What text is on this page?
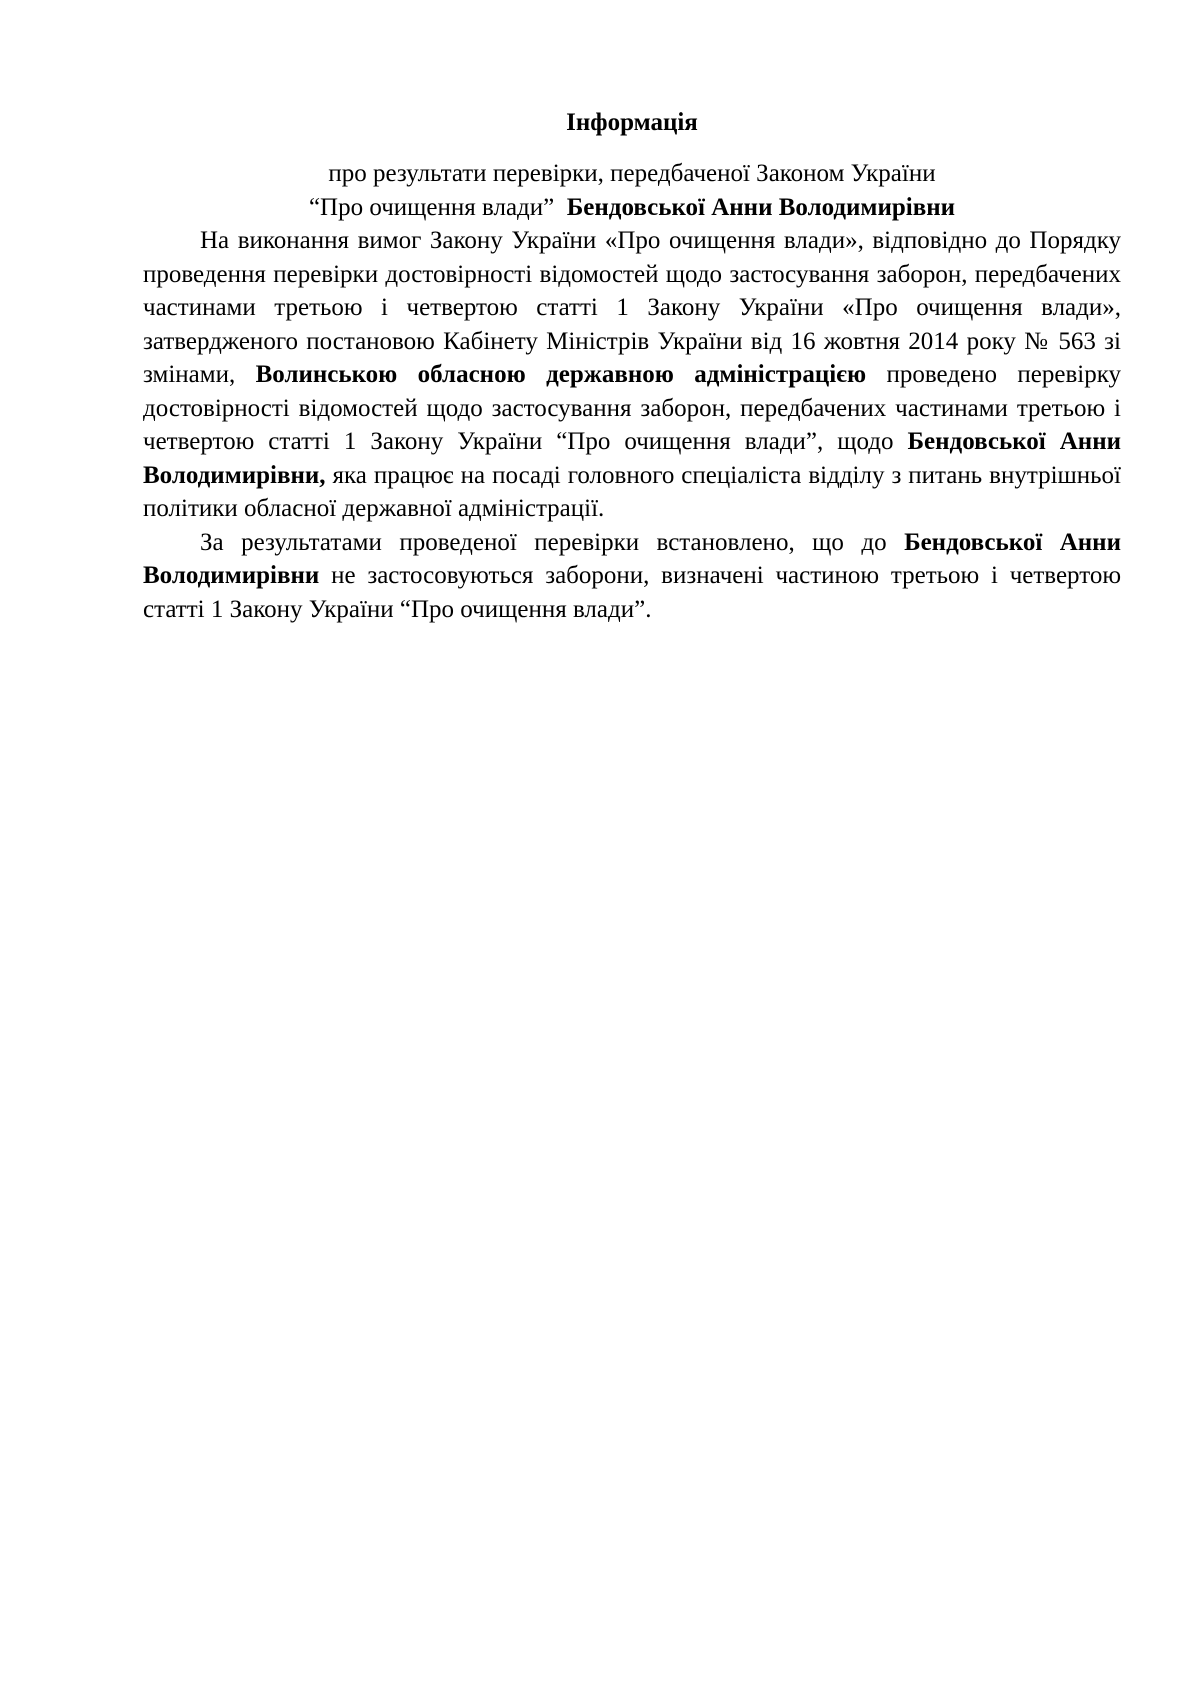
Інформація
про результати перевірки, передбаченої Законом України
“Про очищення влади”  Бендовської Анни Володимирівни

На виконання вимог Закону України «Про очищення влади», відповідно до Порядку проведення перевірки достовірності відомостей щодо застосування заборон, передбачених частинами третьою і четвертою статті 1 Закону України «Про очищення влади», затвердженого постановою Кабінету Міністрів України від 16 жовтня 2014 року № 563 зі змінами, Волинською обласною державною адміністрацією проведено перевірку достовірності відомостей щодо застосування заборон, передбачених частинами третьою і четвертою статті 1 Закону України “Про очищення влади”, щодо Бендовської Анни Володимирівни, яка працює на посаді головного спеціаліста відділу з питань внутрішньої політики обласної державної адміністрації.

За результатами проведеної перевірки встановлено, що до Бендовської Анни Володимирівни не застосовуються заборони, визначені частиною третьою і четвертою статті 1 Закону України “Про очищення влади”.
